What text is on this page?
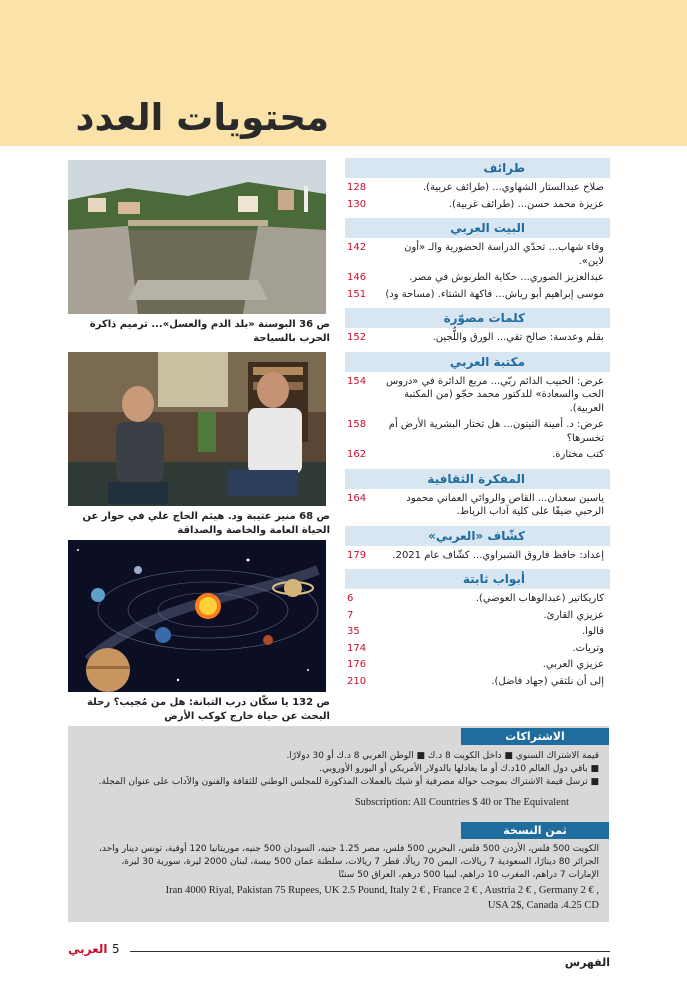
محتويات العدد
طرائف
128	صلاح عبدالستار الشهاوي... (طرائف عربية).
130	عزيزة محمد حسن... (طرائف غربية).
البيت العربي
142	وفاء شهاب... تحدّي الدراسة الحضورية والـ «أون لاين».
146	عبدالعزيز الصوري... حكاية الطربوش في مصر.
151	موسى إبراهيم أبو رياش... فاكهة الشتاء. (مساحة ود)
كلمات مصوّرة
152	بقلم وعدسة: صالح تقي... الورق واللُّجين.
مكتبة العربي
154	عرض: الحبيب الدائم ربّي... مربع الدائرة في «دروس الحب والسعادة» للدكتور محمد حجّو (من المكتبة العربية).
158	عرض: د. أمينة التيتون... هل تختار البشرية الأرض أم تخسرها؟
162	كتب مختارة.
المفكرة الثقافية
164	ياسين سعدان... القاص والروائي العماني محمود الرحبي ضيفًا على كلية آداب الرباط.
كشّاف «العربي»
179	إعداد: حافظ فاروق الشبراوي... كشّاف عام 2021.
أبواب ثابتة
6	كاريكاتير (عبدالوهاب العوضي).
7	عزيزي القارئ.
35	قالوا.
174	وتريات.
176	عزيزي العربي.
210	إلى أن نلتقي (جهاد فاضل).
ص 36 البوسنة «بلد الدم والعسل»... ترميم ذاكرة الحرب بالسياحة
ص 68 منير عتيبة ود. هيثم الحاج علي في حوار عن الحياة العامة والخاصة والصداقة
ص 132 يا سكّان درب التبانة: هل من مُجيب؟ رحلة البحث عن حياة خارج كوكب الأرض
الاشتراكات
قيمة الاشتراك السنوي ■ داخل الكويت 8 د.ك ■ الوطن العربي 8 د.ك أو 30 دولارًا.
■ باقي دول العالم 10د.ك أو ما يعادلها بالدولار الأمريكي أو اليورو الأوروبي.
■ ترسل قيمة الاشتراك بموجب حوالة مصرفية أو شيك بالعملات المذكورة للمجلس الوطني للثقافة والفنون والآداب على عنوان المجلة.
Subscription: All Countries $ 40 or The Equivalent
ثمن النسخة
الكويت 500 فلس، الأردن 500 فلس، البحرين 500 فلس، مصر 1.25 جنيه، السودان 500 جنيه، موريتانيا 120 أوقية، تونس دينار واحد،
الجزائر 80 دينارًا، السعودية 7 ريالات، اليمن 70 ريالًا، قطر 7 ريالات، سلطنة عمان 500 بيسة، لبنان 2000 ليرة، سورية 30 ليرة،
الإمارات 7 دراهم، المغرب 10 دراهم، ليبيا 500 درهم، العراق 50 سنتًا
Iran 4000 Riyal, Pakistan 75 Rupees, UK 2.5 Pound, Italy 2 € , France 2 € , Austria 2 € , Germany 2 € ,
USA 2$, Canada .4.25 CD
العربي 5
الفهرس
